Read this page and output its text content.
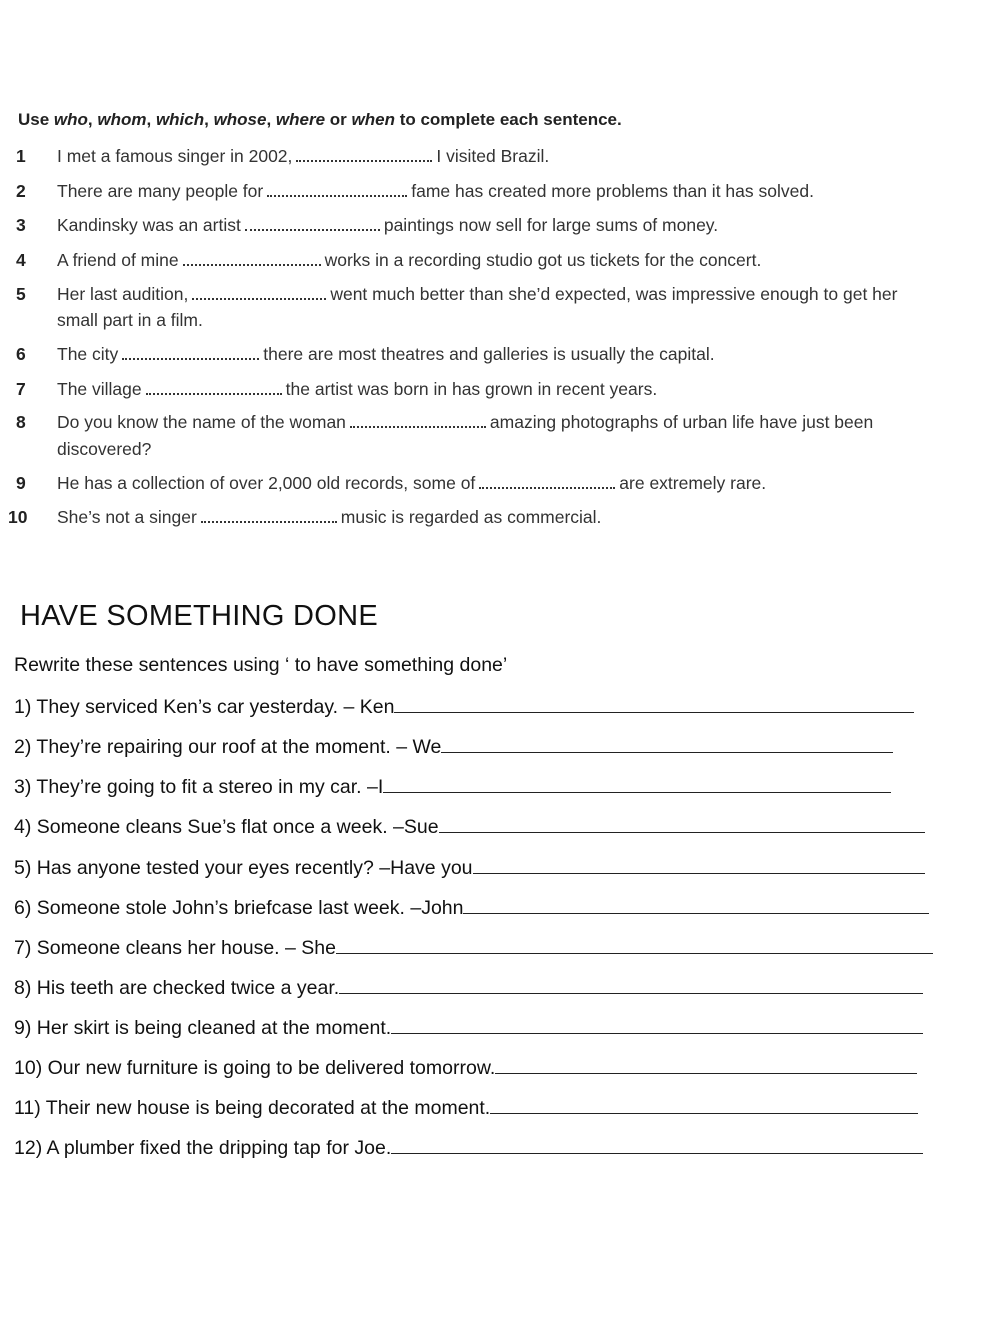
Use who, whom, which, whose, where or when to complete each sentence.
1	I met a famous singer in 2002,	I visited Brazil.
2	There are many people for	fame has created more problems than it has solved.
3	Kandinsky was an artist	paintings now sell for large sums of money.
4	A friend of mine	works in a recording studio got us tickets for the concert.
5	Her last audition,	went much better than she’d expected, was impressive enough to get her
small part in a film.
6	The city	there are most theatres and galleries is usually the capital.
7	The village	the artist was born in has grown in recent years.
8	Do you know the name of the woman	amazing photographs of urban life have just been
discovered?
9	He has a collection of over 2,000 old records, some of	are extremely rare.
10 She’s not a singer	music is regarded as commercial.
HAVE SOMETHING DONE
Rewrite these sentences using ‘ to have something done’
1) They serviced Ken’s car yesterday. – Ken
2) They’re repairing our roof at the moment. – We
3) They’re going to fit a stereo in my car. –I
4) Someone cleans Sue’s flat once a week. –Sue
5) Has anyone tested your eyes recently? –Have you
6) Someone stole John’s briefcase last week. –John
7) Someone cleans her house. – She
8) His teeth are checked twice a year.
9) Her skirt is being cleaned at the moment.
10) Our new furniture is going to be delivered tomorrow.
11) Their new house is being decorated at the moment.
12) A plumber fixed the dripping tap for Joe.
